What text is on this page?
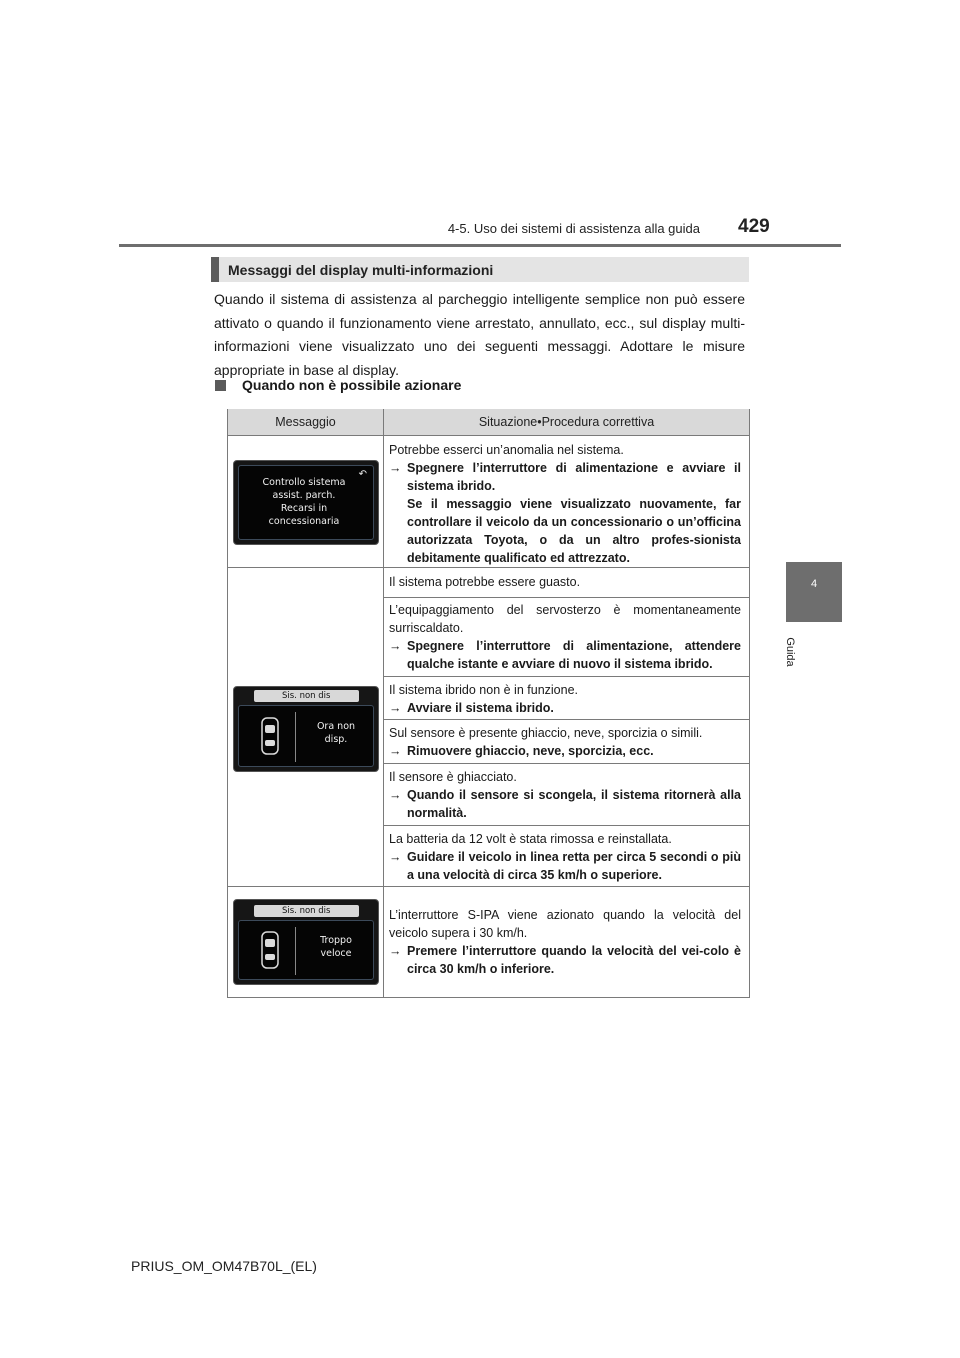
4-5. Uso dei sistemi di assistenza alla guida 429
4
Guida
Messaggi del display multi-informazioni
Quando il sistema di assistenza al parcheggio intelligente semplice non può essere attivato o quando il funzionamento viene arrestato, annullato, ecc., sul display multi-informazioni viene visualizzato uno dei seguenti messaggi. Adottare le misure appropriate in base al display.
Quando non è possibile azionare
Messaggio	Situazione•Procedura correttiva
↶
Controllo sistema
assist. parch.
Recarsi in
concessionaria
Sis. non dis
Ora non
disp.
Sis. non dis
Troppo
veloce
Potrebbe esserci un’anomalia nel sistema.
→ Spegnere l’interruttore di alimentazione e avviare il sistema ibrido.
Se il messaggio viene visualizzato nuovamente, far controllare il veicolo da un concessionario o un’officina autorizzata Toyota, o da un altro profes-sionista debitamente qualificato ed attrezzato.
Il sistema potrebbe essere guasto.
L’equipaggiamento del servosterzo è momentaneamente surriscaldato.
→ Spegnere l’interruttore di alimentazione, attendere qualche istante e avviare di nuovo il sistema ibrido.
Il sistema ibrido non è in funzione.
→ Avviare il sistema ibrido.
Sul sensore è presente ghiaccio, neve, sporcizia o simili.
→ Rimuovere ghiaccio, neve, sporcizia, ecc.
Il sensore è ghiacciato.
→ Quando il sensore si scongela, il sistema ritornerà alla normalità.
La batteria da 12 volt è stata rimossa e reinstallata.
→ Guidare il veicolo in linea retta per circa 5 secondi o più a una velocità di circa 35 km/h o superiore.
L’interruttore S-IPA viene azionato quando la velocità del veicolo supera i 30 km/h.
→ Premere l’interruttore quando la velocità del vei-colo è circa 30 km/h o inferiore.
PRIUS_OM_OM47B70L_(EL)
